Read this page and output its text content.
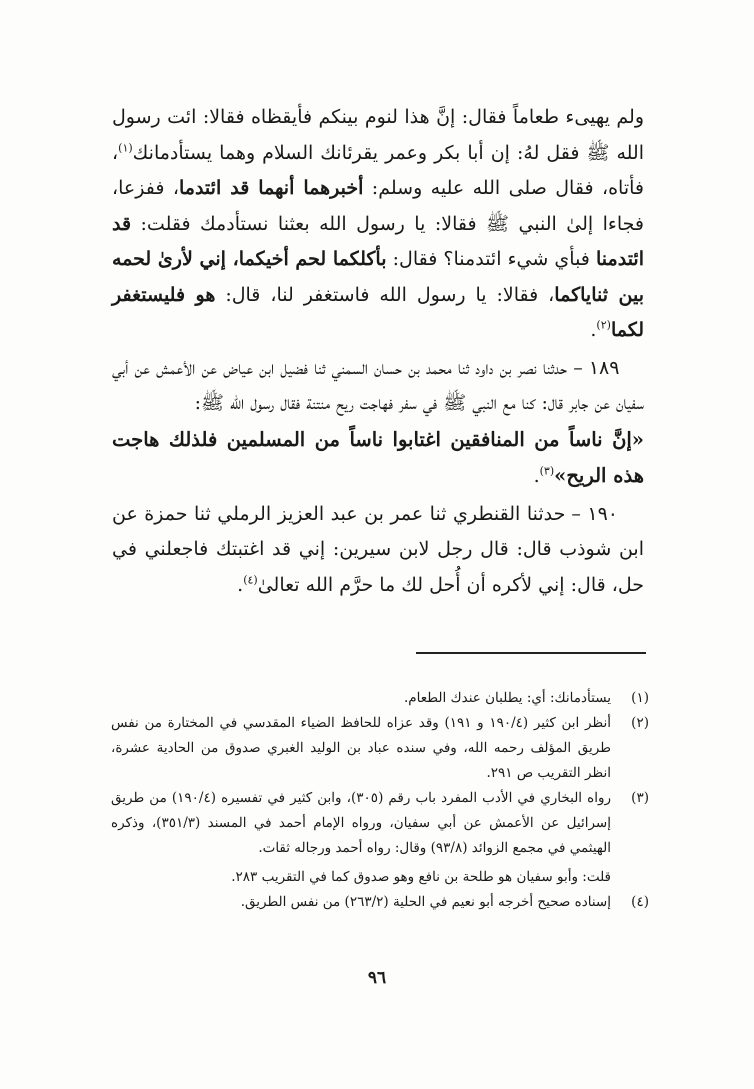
ولم يهيىء طعاماً فقال: إنَّ هذا لنوم بينكم فأيقظاه فقالا: ائت رسول الله ﷺ فقل لهُ: إن أبا بكر وعمر يقرئانك السلام وهما يستأدمانك$^{(١)}$، فأتاه، فقال صلى الله عليه وسلم: أخبرهما أنهما قد ائتدما، ففزعا، فجاءا إلىٰ النبي ﷺ فقالا: يا رسول الله بعثنا نستأدمك فقلت: قد ائتدمنا فبأي شيء ائتدمنا؟ فقال: بأكلكما لحم أخيكما، إني لأرىٰ لحمه بين ثناياكما، فقالا: يا رسول الله فاستغفر لنا، قال: هو فليستغفر لكما$^{(٢)}$.

١٨٩ – حدثنا نصر بن داود ثنا محمد بن حسان السمني ثنا فضيل ابن عياض عن الأعمش عن أبي سفيان عن جابر قال: كنا مع النبي ﷺ في سفر فهاجت ريح منتنة فقال رسول الله ﷺ:

«إنَّ ناساً من المنافقين اغتابوا ناساً من المسلمين فلذلك هاجت هذه الريح»$^{(٣)}$.

١٩٠ – حدثنا القنطري ثنا عمر بن عبد العزيز الرملي ثنا حمزة عن ابن شوذب قال: قال رجل لابن سيرين: إني قد اغتبتك فاجعلني في حل، قال: إني لأكره أن أُحل لك ما حرَّم الله تعالىٰ$^{(٤)}$.

(١)
يستأدمانك: أي: يطلبان عندك الطعام.
(٢)
أنظر ابن كثير (١٩٠/٤ و ١٩١) وقد عزاه للحافظ الضياء المقدسي في المختارة من نفس طريق المؤلف رحمه الله، وفي سنده عباد بن الوليد الغبري صدوق من الحادية عشرة، انظر التقريب ص ٢٩١.
(٣)
رواه البخاري في الأدب المفرد باب رقم (٣٠٥)، وابن كثير في تفسيره (١٩٠/٤) من طريق إسرائيل عن الأعمش عن أبي سفيان، ورواه الإمام أحمد في المسند (٣٥١/٣)، وذكره الهيثمي في مجمع الزوائد (٩٣/٨) وقال: رواه أحمد ورجاله ثقات.
قلت: وأبو سفيان هو طلحة بن نافع وهو صدوق كما في التقريب ٢٨٣.
(٤)
إسناده صحيح أخرجه أبو نعيم في الحلية (٢٦٣/٢) من نفس الطريق.
٩٦
